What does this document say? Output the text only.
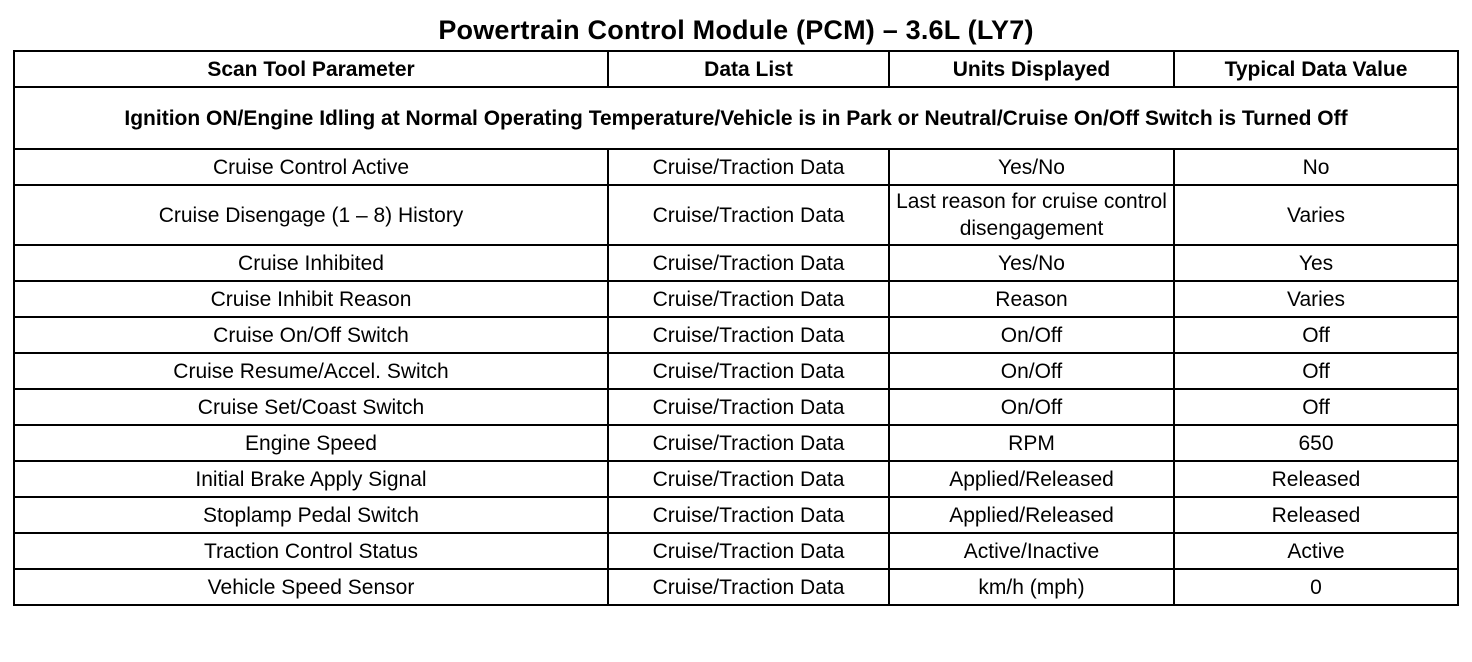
Powertrain Control Module (PCM) – 3.6L (LY7)
Scan Tool Parameter	Data List	Units Displayed	Typical Data Value
Ignition ON/Engine Idling at Normal Operating Temperature/Vehicle is in Park or Neutral/Cruise On/Off Switch is Turned Off			
Cruise Control Active	Cruise/Traction Data	Yes/No	No
Cruise Disengage (1 – 8) History	Cruise/Traction Data	Last reason for cruise control disengagement	Varies
Cruise Inhibited	Cruise/Traction Data	Yes/No	Yes
Cruise Inhibit Reason	Cruise/Traction Data	Reason	Varies
Cruise On/Off Switch	Cruise/Traction Data	On/Off	Off
Cruise Resume/Accel. Switch	Cruise/Traction Data	On/Off	Off
Cruise Set/Coast Switch	Cruise/Traction Data	On/Off	Off
Engine Speed	Cruise/Traction Data	RPM	650
Initial Brake Apply Signal	Cruise/Traction Data	Applied/Released	Released
Stoplamp Pedal Switch	Cruise/Traction Data	Applied/Released	Released
Traction Control Status	Cruise/Traction Data	Active/Inactive	Active
Vehicle Speed Sensor	Cruise/Traction Data	km/h (mph)	0
